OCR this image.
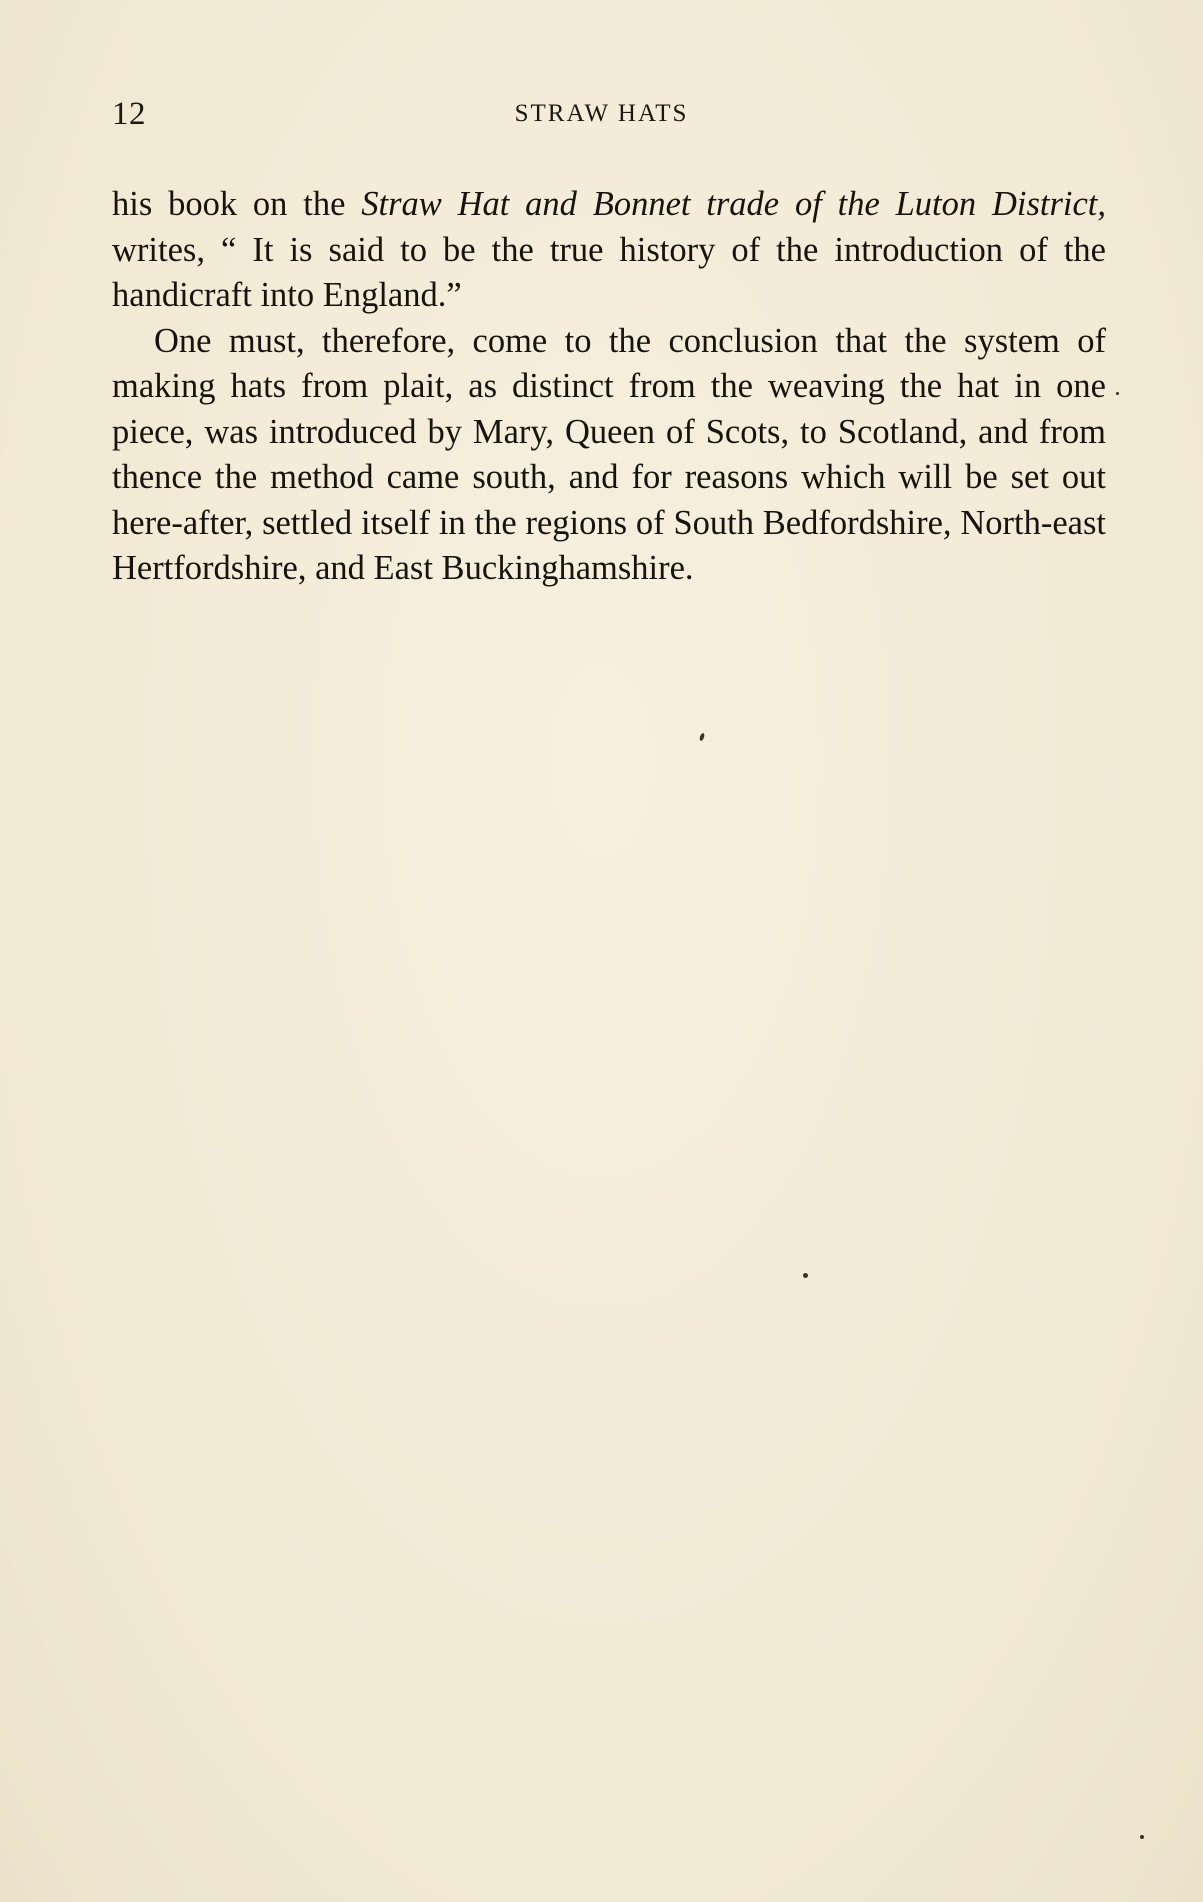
12	STRAW HATS

his book on the Straw Hat and Bonnet trade of the Luton District, writes, “ It is said to be the true history of the introduction of the handicraft into England.”

One must, therefore, come to the conclusion that the system of making hats from plait, as distinct from the weaving the hat in one piece, was introduced by Mary, Queen of Scots, to Scotland, and from thence the method came south, and for reasons which will be set out here-after, settled itself in the regions of South Bedfordshire, North-east Hertfordshire, and East Buckinghamshire.
